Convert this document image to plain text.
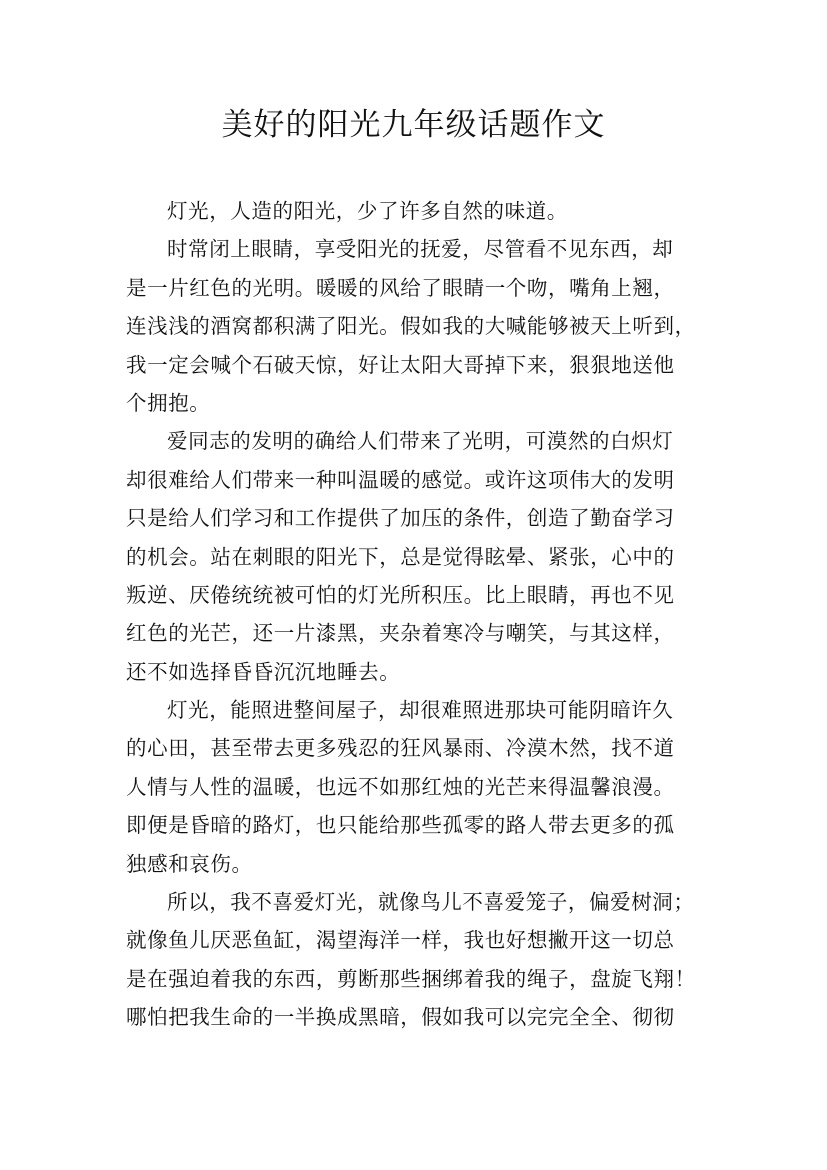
美好的阳光九年级话题作文
灯光，人造的阳光，少了许多自然的味道。
时常闭上眼睛，享受阳光的抚爱，尽管看不见东西，却
是一片红色的光明。暖暖的风给了眼睛一个吻，嘴角上翘，
连浅浅的酒窝都积满了阳光。假如我的大喊能够被天上听到，
我一定会喊个石破天惊，好让太阳大哥掉下来，狠狠地送他
个拥抱。
爱同志的发明的确给人们带来了光明，可漠然的白炽灯
却很难给人们带来一种叫温暖的感觉。或许这项伟大的发明
只是给人们学习和工作提供了加压的条件，创造了勤奋学习
的机会。站在刺眼的阳光下，总是觉得眩晕、紧张，心中的
叛逆、厌倦统统被可怕的灯光所积压。比上眼睛，再也不见
红色的光芒，还一片漆黑，夹杂着寒冷与嘲笑，与其这样，
还不如选择昏昏沉沉地睡去。
灯光，能照进整间屋子，却很难照进那块可能阴暗许久
的心田，甚至带去更多残忍的狂风暴雨、冷漠木然，找不道
人情与人性的温暖，也远不如那红烛的光芒来得温馨浪漫。
即便是昏暗的路灯，也只能给那些孤零的路人带去更多的孤
独感和哀伤。
所以，我不喜爱灯光，就像鸟儿不喜爱笼子，偏爱树洞；
就像鱼儿厌恶鱼缸，渴望海洋一样，我也好想撇开这一切总
是在强迫着我的东西，剪断那些捆绑着我的绳子，盘旋飞翔！
哪怕把我生命的一半换成黑暗，假如我可以完完全全、彻彻
